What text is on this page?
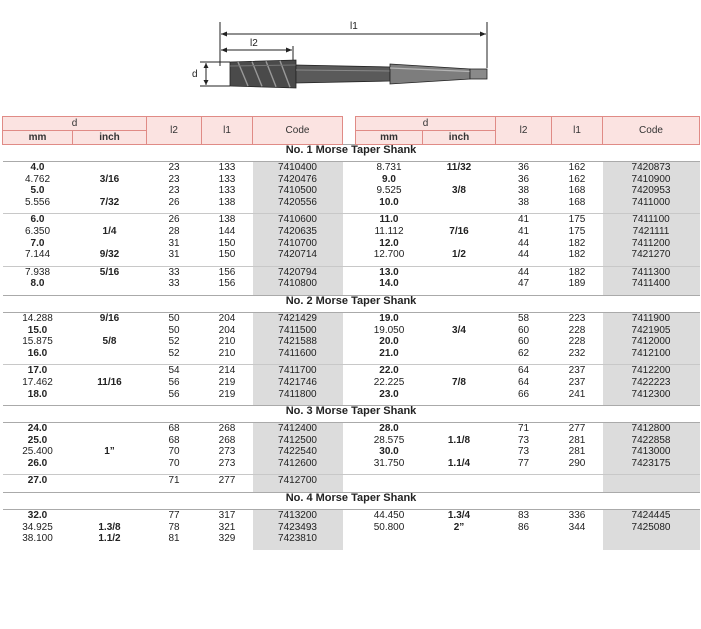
l1
l2
d
d		l2	l1	Code		d		l2	l1	Code
mm	inch					mm	inch			
No. 1 Morse Taper Shank										
4.0		23	133	7410400		8.731	11/32	36	162	7420873
4.762	3/16	23	133	7420476		9.0		36	162	7410900
5.0		23	133	7410500		9.525	3/8	38	168	7420953
5.556	7/32	26	138	7420556		10.0		38	168	7411000

6.0		26	138	7410600		11.0		41	175	7411100
6.350	1/4	28	144	7420635		11.112	7/16	41	175	7421111
7.0		31	150	7410700		12.0		44	182	7411200
7.144	9/32	31	150	7420714		12.700	1/2	44	182	7421270

7.938	5/16	33	156	7420794		13.0		44	182	7411300
8.0		33	156	7410800		14.0		47	189	7411400

No. 2 Morse Taper Shank										
14.288	9/16	50	204	7421429		19.0		58	223	7411900
15.0		50	204	7411500		19.050	3/4	60	228	7421905
15.875	5/8	52	210	7421588		20.0		60	228	7412000
16.0		52	210	7411600		21.0		62	232	7412100

17.0		54	214	7411700		22.0		64	237	7412200
17.462	11/16	56	219	7421746		22.225	7/8	64	237	7422223
18.0		56	219	7411800		23.0		66	241	7412300

No. 3 Morse Taper Shank										
24.0		68	268	7412400		28.0		71	277	7412800
25.0		68	268	7412500		28.575	1.1/8	73	281	7422858
25.400	1”	70	273	7422540		30.0		73	281	7413000
26.0		70	273	7412600		31.750	1.1/4	77	290	7423175

27.0		71	277	7412700						

No. 4 Morse Taper Shank										
32.0		77	317	7413200		44.450	1.3/4	83	336	7424445
34.925	1.3/8	78	321	7423493		50.800	2”	86	344	7425080
38.100	1.1/2	81	329	7423810						
